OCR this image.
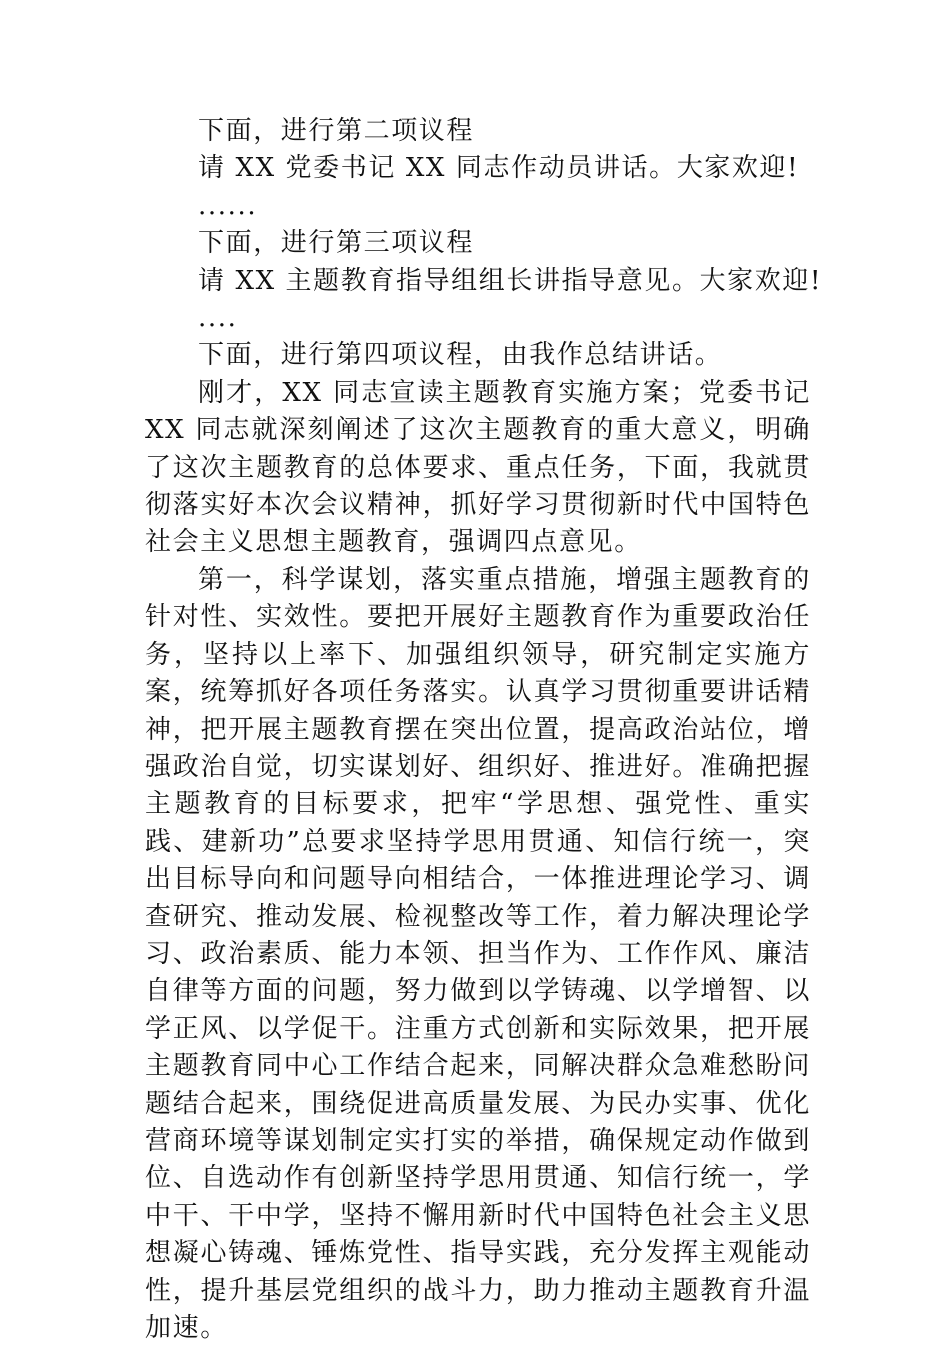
下面，进行第二项议程

请 XX 党委书记 XX 同志作动员讲话。大家欢迎!

......

下面，进行第三项议程

请 XX 主题教育指导组组长讲指导意见。大家欢迎!

....

下面，进行第四项议程，由我作总结讲话。

刚才，XX 同志宣读主题教育实施方案；党委书记 XX 同志就深刻阐述了这次主题教育的重大意义，明确了这次主题教育的总体要求、重点任务，下面，我就贯彻落实好本次会议精神，抓好学习贯彻新时代中国特色社会主义思想主题教育，强调四点意见。

第一，科学谋划，落实重点措施，增强主题教育的针对性、实效性。要把开展好主题教育作为重要政治任务，坚持以上率下、加强组织领导，研究制定实施方案，统筹抓好各项任务落实。认真学习贯彻重要讲话精神，把开展主题教育摆在突出位置，提高政治站位，增强政治自觉，切实谋划好、组织好、推进好。准确把握主题教育的目标要求，把牢“学思想、强党性、重实践、建新功”总要求坚持学思用贯通、知信行统一，突出目标导向和问题导向相结合，一体推进理论学习、调查研究、推动发展、检视整改等工作，着力解决理论学习、政治素质、能力本领、担当作为、工作作风、廉洁自律等方面的问题，努力做到以学铸魂、以学增智、以学正风、以学促干。注重方式创新和实际效果，把开展主题教育同中心工作结合起来，同解决群众急难愁盼问题结合起来，围绕促进高质量发展、为民办实事、优化营商环境等谋划制定实打实的举措，确保规定动作做到位、自选动作有创新坚持学思用贯通、知信行统一，学中干、干中学，坚持不懈用新时代中国特色社会主义思想凝心铸魂、锤炼党性、指导实践，充分发挥主观能动性，提升基层党组织的战斗力，助力推动主题教育升温加速。
